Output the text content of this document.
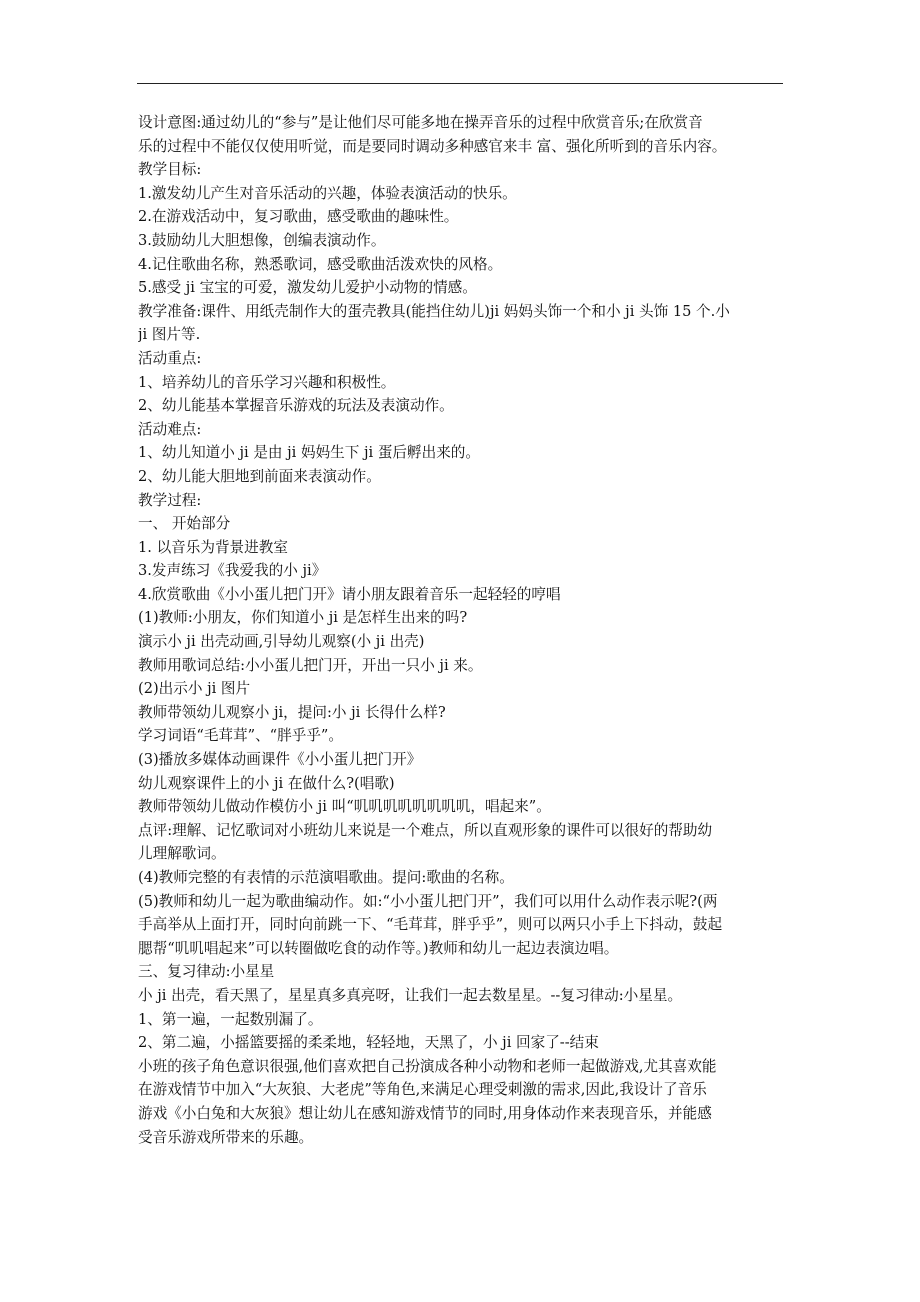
设计意图:通过幼儿的“参与”是让他们尽可能多地在操弄音乐的过程中欣赏音乐;在欣赏音
乐的过程中不能仅仅使用听觉，而是要同时调动多种感官来丰 富、强化所听到的音乐内容。
教学目标:
1.激发幼儿产生对音乐活动的兴趣，体验表演活动的快乐。
2.在游戏活动中，复习歌曲，感受歌曲的趣味性。
3.鼓励幼儿大胆想像，创编表演动作。
4.记住歌曲名称，熟悉歌词，感受歌曲活泼欢快的风格。
5.感受 ji 宝宝的可爱，激发幼儿爱护小动物的情感。
教学准备:课件、用纸壳制作大的蛋壳教具(能挡住幼儿)ji 妈妈头饰一个和小 ji 头饰 15 个.小
ji 图片等.
活动重点:
1、培养幼儿的音乐学习兴趣和积极性。
2、幼儿能基本掌握音乐游戏的玩法及表演动作。
活动难点:
1、幼儿知道小 ji 是由 ji 妈妈生下 ji 蛋后孵出来的。
2、幼儿能大胆地到前面来表演动作。
教学过程:
一、 开始部分
1. 以音乐为背景进教室
3.发声练习《我爱我的小 ji》
4.欣赏歌曲《小小蛋儿把门开》请小朋友跟着音乐一起轻轻的哼唱
(1)教师:小朋友，你们知道小 ji 是怎样生出来的吗?
演示小 ji 出壳动画,引导幼儿观察(小 ji 出壳)
教师用歌词总结:小小蛋儿把门开，开出一只小 ji 来。
(2)出示小 ji 图片
教师带领幼儿观察小 ji，提问:小 ji 长得什么样?
学习词语“毛茸茸”、“胖乎乎”。
(3)播放多媒体动画课件《小小蛋儿把门开》
幼儿观察课件上的小 ji 在做什么?(唱歌)
教师带领幼儿做动作模仿小 ji 叫“叽叽叽叽叽叽叽叽，唱起来”。
点评:理解、记忆歌词对小班幼儿来说是一个难点，所以直观形象的课件可以很好的帮助幼
儿理解歌词。
(4)教师完整的有表情的示范演唱歌曲。提问:歌曲的名称。
(5)教师和幼儿一起为歌曲编动作。如:“小小蛋儿把门开”，我们可以用什么动作表示呢?(两
手高举从上面打开，同时向前跳一下、“毛茸茸，胖乎乎”，则可以两只小手上下抖动，鼓起
腮帮“叽叽唱起来”可以转圈做吃食的动作等。)教师和幼儿一起边表演边唱。
三、复习律动:小星星
小 ji 出壳，看天黑了，星星真多真亮呀，让我们一起去数星星。--复习律动:小星星。
1、第一遍，一起数别漏了。
2、第二遍，小摇篮要摇的柔柔地，轻轻地，天黑了，小 ji 回家了--结束
小班的孩子角色意识很强,他们喜欢把自己扮演成各种小动物和老师一起做游戏,尤其喜欢能
在游戏情节中加入“大灰狼、大老虎”等角色,来满足心理受刺激的需求,因此,我设计了音乐
游戏《小白兔和大灰狼》想让幼儿在感知游戏情节的同时,用身体动作来表现音乐，并能感
受音乐游戏所带来的乐趣。
